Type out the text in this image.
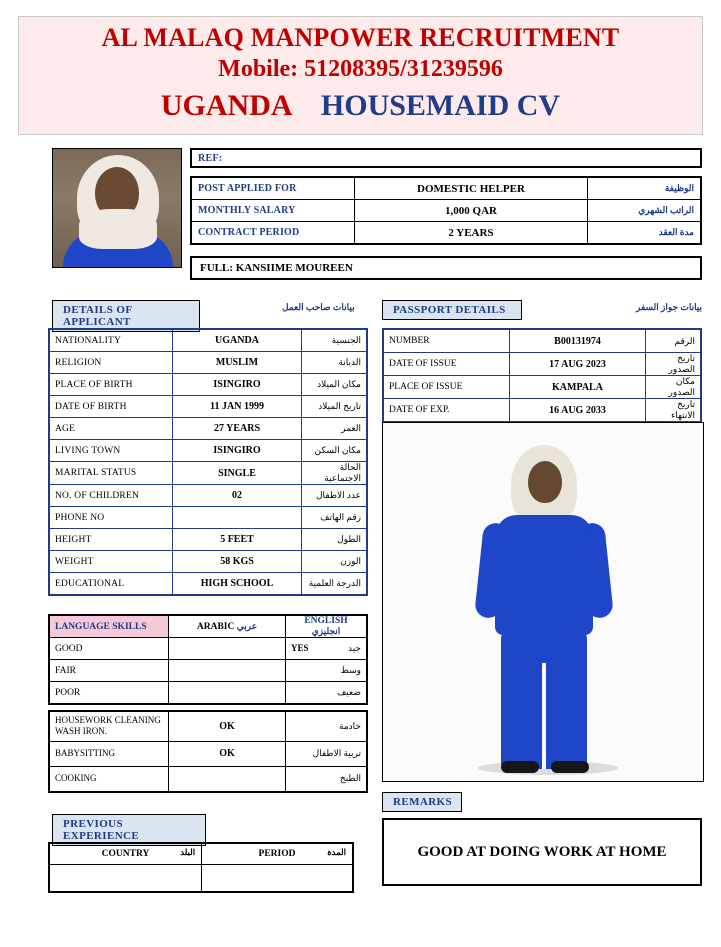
AL MALAQ MANPOWER RECRUITMENT
Mobile: 51208395/31239596
UGANDA HOUSEMAID CV
REF:
POST APPLIED FOR	DOMESTIC HELPER	الوظيفة
MONTHLY SALARY	1,000 QAR	الراتب الشهري
CONTRACT PERIOD	2 YEARS	مدة العقد
FULL: KANSIIME MOUREEN
DETAILS OF APPLICANT
بيانات صاحب العمل	PASSPORT DETAILS	بيانات جواز السفر
NATIONALITY	UGANDA	الجنسية
RELIGION	MUSLIM	الديانة
PLACE OF BIRTH	ISINGIRO	مكان الميلاد
DATE OF BIRTH	11 JAN 1999	تاريخ الميلاد
AGE	27 YEARS	العمر
LIVING TOWN	ISINGIRO	مكان السكن
MARITAL STATUS	SINGLE	الحالة الاجتماعية
NO. OF CHILDREN	02	عدد الاطفال
PHONE NO		رقم الهاتف
HEIGHT	5 FEET	الطول
WEIGHT	58 KGS	الوزن
EDUCATIONAL	HIGH SCHOOL	الدرجة العلمية
NUMBER	B00131974	الرقم
DATE OF ISSUE	17 AUG 2023	تاريخ الصدور
PLACE OF ISSUE	KAMPALA	مكان الصدور
DATE OF EXP.	16 AUG 2033	تاريخ الانتهاء
LANGUAGE SKILLS	ARABIC عربي	ENGLISH انجليزي
GOOD		YES جيد
FAIR		وسط
POOR		ضعيف
HOUSEWORK CLEANING WASH IRON.	OK	خادمة
BABYSITTING	OK	تربية الاطفال
COOKING		الطبخ
PREVIOUS EXPERIENCE
COUNTRY البلد	PERIOD المدة

REMARKS
GOOD AT DOING WORK AT HOME
